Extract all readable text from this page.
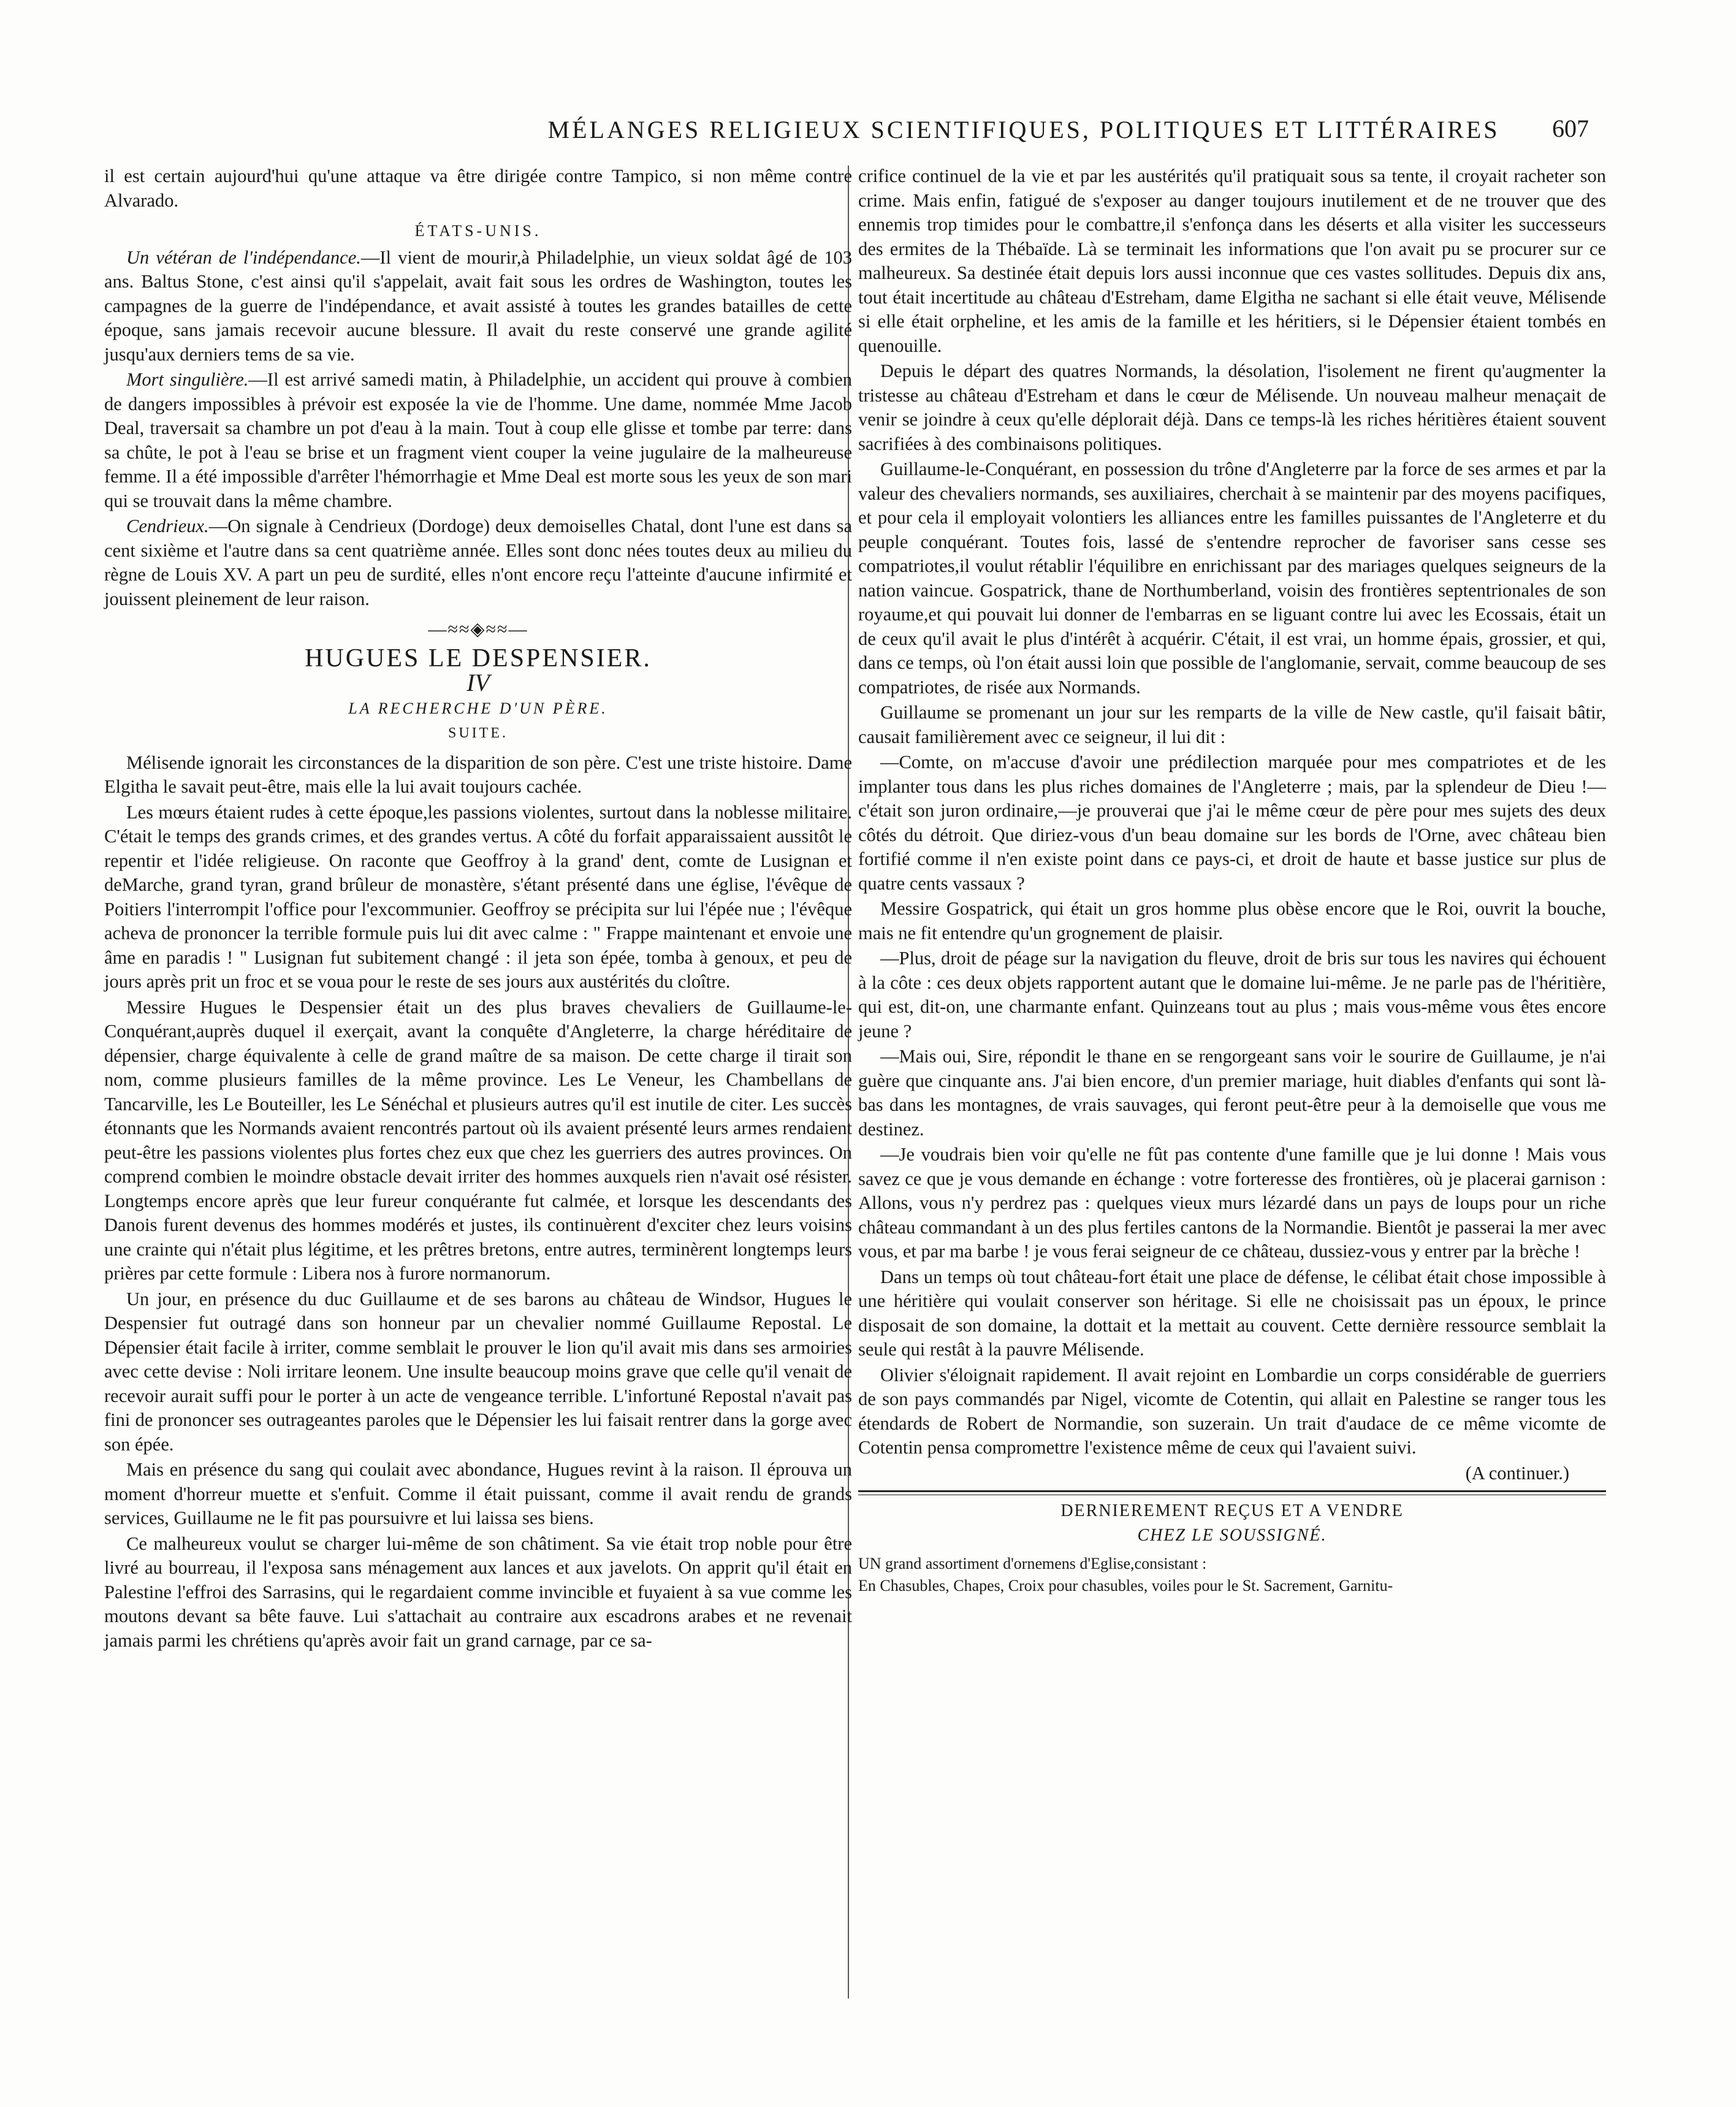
MÉLANGES RELIGIEUX SCIENTIFIQUES, POLITIQUES ET LITTÉRAIRES	607

il est certain aujourd'hui qu'une attaque va être dirigée contre Tampico, si non même contre Alvarado.

ÉTATS-UNIS.

Un vétéran de l'indépendance.—Il vient de mourir,à Philadelphie, un vieux soldat âgé de 103 ans. Baltus Stone, c'est ainsi qu'il s'appelait, avait fait sous les ordres de Washington, toutes les campagnes de la guerre de l'indépendance, et avait assisté à toutes les grandes batailles de cette époque, sans jamais recevoir aucune blessure. Il avait du reste conservé une grande agilité jusqu'aux derniers tems de sa vie.

Mort singulière.—Il est arrivé samedi matin, à Philadelphie, un accident qui prouve à combien de dangers impossibles à prévoir est exposée la vie de l'homme. Une dame, nommée Mme Jacob Deal, traversait sa chambre un pot d'eau à la main. Tout à coup elle glisse et tombe par terre: dans sa chûte, le pot à l'eau se brise et un fragment vient couper la veine jugulaire de la malheureuse femme. Il a été impossible d'arrêter l'hémorrhagie et Mme Deal est morte sous les yeux de son mari qui se trouvait dans la même chambre.

Cendrieux.—On signale à Cendrieux (Dordoge) deux demoiselles Chatal, dont l'une est dans sa cent sixième et l'autre dans sa cent quatrième année. Elles sont donc nées toutes deux au milieu du règne de Louis XV. A part un peu de surdité, elles n'ont encore reçu l'atteinte d'aucune infirmité et jouissent pleinement de leur raison.

—≈≈◈≈≈—
HUGUES LE DESPENSIER.
IV
LA RECHERCHE D'UN PÈRE.
SUITE.

Mélisende ignorait les circonstances de la disparition de son père. C'est une triste histoire. Dame Elgitha le savait peut-être, mais elle la lui avait toujours cachée.

Les mœurs étaient rudes à cette époque,les passions violentes, surtout dans la noblesse militaire. C'était le temps des grands crimes, et des grandes vertus. A côté du forfait apparaissaient aussitôt le repentir et l'idée religieuse. On raconte que Geoffroy à la grand' dent, comte de Lusignan et deMarche, grand tyran, grand brûleur de monastère, s'étant présenté dans une église, l'évêque de Poitiers l'interrompit l'office pour l'excommunier. Geoffroy se précipita sur lui l'épée nue ; l'évêque acheva de prononcer la terrible formule puis lui dit avec calme : " Frappe maintenant et envoie une âme en paradis ! " Lusignan fut subitement changé : il jeta son épée, tomba à genoux, et peu de jours après prit un froc et se voua pour le reste de ses jours aux austérités du cloître.

Messire Hugues le Despensier était un des plus braves chevaliers de Guillaume-le-Conquérant,auprès duquel il exerçait, avant la conquête d'Angleterre, la charge héréditaire de dépensier, charge équivalente à celle de grand maître de sa maison. De cette charge il tirait son nom, comme plusieurs familles de la même province. Les Le Veneur, les Chambellans de Tancarville, les Le Bouteiller, les Le Sénéchal et plusieurs autres qu'il est inutile de citer. Les succès étonnants que les Normands avaient rencontrés partout où ils avaient présenté leurs armes rendaient peut-être les passions violentes plus fortes chez eux que chez les guerriers des autres provinces. On comprend combien le moindre obstacle devait irriter des hommes auxquels rien n'avait osé résister. Longtemps encore après que leur fureur conquérante fut calmée, et lorsque les descendants des Danois furent devenus des hommes modérés et justes, ils continuèrent d'exciter chez leurs voisins une crainte qui n'était plus légitime, et les prêtres bretons, entre autres, terminèrent longtemps leurs prières par cette formule : Libera nos à furore normanorum.

Un jour, en présence du duc Guillaume et de ses barons au château de Windsor, Hugues le Despensier fut outragé dans son honneur par un chevalier nommé Guillaume Repostal. Le Dépensier était facile à irriter, comme semblait le prouver le lion qu'il avait mis dans ses armoiries avec cette devise : Noli irritare leonem. Une insulte beaucoup moins grave que celle qu'il venait de recevoir aurait suffi pour le porter à un acte de vengeance terrible. L'infortuné Repostal n'avait pas fini de prononcer ses outrageantes paroles que le Dépensier les lui faisait rentrer dans la gorge avec son épée.

Mais en présence du sang qui coulait avec abondance, Hugues revint à la raison. Il éprouva un moment d'horreur muette et s'enfuit. Comme il était puissant, comme il avait rendu de grands services, Guillaume ne le fit pas poursuivre et lui laissa ses biens.

Ce malheureux voulut se charger lui-même de son châtiment. Sa vie était trop noble pour être livré au bourreau, il l'exposa sans ménagement aux lances et aux javelots. On apprit qu'il était en Palestine l'effroi des Sarrasins, qui le regardaient comme invincible et fuyaient à sa vue comme les moutons devant sa bête fauve. Lui s'attachait au contraire aux escadrons arabes et ne revenait jamais parmi les chrétiens qu'après avoir fait un grand carnage, par ce sa-

crifice continuel de la vie et par les austérités qu'il pratiquait sous sa tente, il croyait racheter son crime. Mais enfin, fatigué de s'exposer au danger toujours inutilement et de ne trouver que des ennemis trop timides pour le combattre,il s'enfonça dans les déserts et alla visiter les successeurs des ermites de la Thébaïde. Là se terminait les informations que l'on avait pu se procurer sur ce malheureux. Sa destinée était depuis lors aussi inconnue que ces vastes sollitudes. Depuis dix ans, tout était incertitude au château d'Estreham, dame Elgitha ne sachant si elle était veuve, Mélisende si elle était orpheline, et les amis de la famille et les héritiers, si le Dépensier étaient tombés en quenouille.

Depuis le départ des quatres Normands, la désolation, l'isolement ne firent qu'augmenter la tristesse au château d'Estreham et dans le cœur de Mélisende. Un nouveau malheur menaçait de venir se joindre à ceux qu'elle déplorait déjà. Dans ce temps-là les riches héritières étaient souvent sacrifiées à des combinaisons politiques.

Guillaume-le-Conquérant, en possession du trône d'Angleterre par la force de ses armes et par la valeur des chevaliers normands, ses auxiliaires, cherchait à se maintenir par des moyens pacifiques, et pour cela il employait volontiers les alliances entre les familles puissantes de l'Angleterre et du peuple conquérant. Toutes fois, lassé de s'entendre reprocher de favoriser sans cesse ses compatriotes,il voulut rétablir l'équilibre en enrichissant par des mariages quelques seigneurs de la nation vaincue. Gospatrick, thane de Northumberland, voisin des frontières septentrionales de son royaume,et qui pouvait lui donner de l'embarras en se liguant contre lui avec les Ecossais, était un de ceux qu'il avait le plus d'intérêt à acquérir. C'était, il est vrai, un homme épais, grossier, et qui, dans ce temps, où l'on était aussi loin que possible de l'anglomanie, servait, comme beaucoup de ses compatriotes, de risée aux Normands.

Guillaume se promenant un jour sur les remparts de la ville de New castle, qu'il faisait bâtir, causait familièrement avec ce seigneur, il lui dit :

—Comte, on m'accuse d'avoir une prédilection marquée pour mes compatriotes et de les implanter tous dans les plus riches domaines de l'Angleterre ; mais, par la splendeur de Dieu !—c'était son juron ordinaire,—je prouverai que j'ai le même cœur de père pour mes sujets des deux côtés du détroit. Que diriez-vous d'un beau domaine sur les bords de l'Orne, avec château bien fortifié comme il n'en existe point dans ce pays-ci, et droit de haute et basse justice sur plus de quatre cents vassaux ?

Messire Gospatrick, qui était un gros homme plus obèse encore que le Roi, ouvrit la bouche, mais ne fit entendre qu'un grognement de plaisir.

—Plus, droit de péage sur la navigation du fleuve, droit de bris sur tous les navires qui échouent à la côte : ces deux objets rapportent autant que le domaine lui-même. Je ne parle pas de l'héritière, qui est, dit-on, une charmante enfant. Quinzeans tout au plus ; mais vous-même vous êtes encore jeune ?

—Mais oui, Sire, répondit le thane en se rengorgeant sans voir le sourire de Guillaume, je n'ai guère que cinquante ans. J'ai bien encore, d'un premier mariage, huit diables d'enfants qui sont là-bas dans les montagnes, de vrais sauvages, qui feront peut-être peur à la demoiselle que vous me destinez.

—Je voudrais bien voir qu'elle ne fût pas contente d'une famille que je lui donne ! Mais vous savez ce que je vous demande en échange : votre forteresse des frontières, où je placerai garnison : Allons, vous n'y perdrez pas : quelques vieux murs lézardé dans un pays de loups pour un riche château commandant à un des plus fertiles cantons de la Normandie. Bientôt je passerai la mer avec vous, et par ma barbe ! je vous ferai seigneur de ce château, dussiez-vous y entrer par la brèche !

Dans un temps où tout château-fort était une place de défense, le célibat était chose impossible à une héritière qui voulait conserver son héritage. Si elle ne choisissait pas un époux, le prince disposait de son domaine, la dottait et la mettait au couvent. Cette dernière ressource semblait la seule qui restât à la pauvre Mélisende.

Olivier s'éloignait rapidement. Il avait rejoint en Lombardie un corps considérable de guerriers de son pays commandés par Nigel, vicomte de Cotentin, qui allait en Palestine se ranger tous les étendards de Robert de Normandie, son suzerain. Un trait d'audace de ce même vicomte de Cotentin pensa compromettre l'existence même de ceux qui l'avaient suivi.

(A continuer.)

DERNIEREMENT REÇUS ET A VENDRE
CHEZ LE SOUSSIGNÉ.

UN grand assortiment d'ornemens d'Eglise,consistant :

En Chasubles, Chapes, Croix pour chasubles, voiles pour le St. Sacrement, Garnitu-
